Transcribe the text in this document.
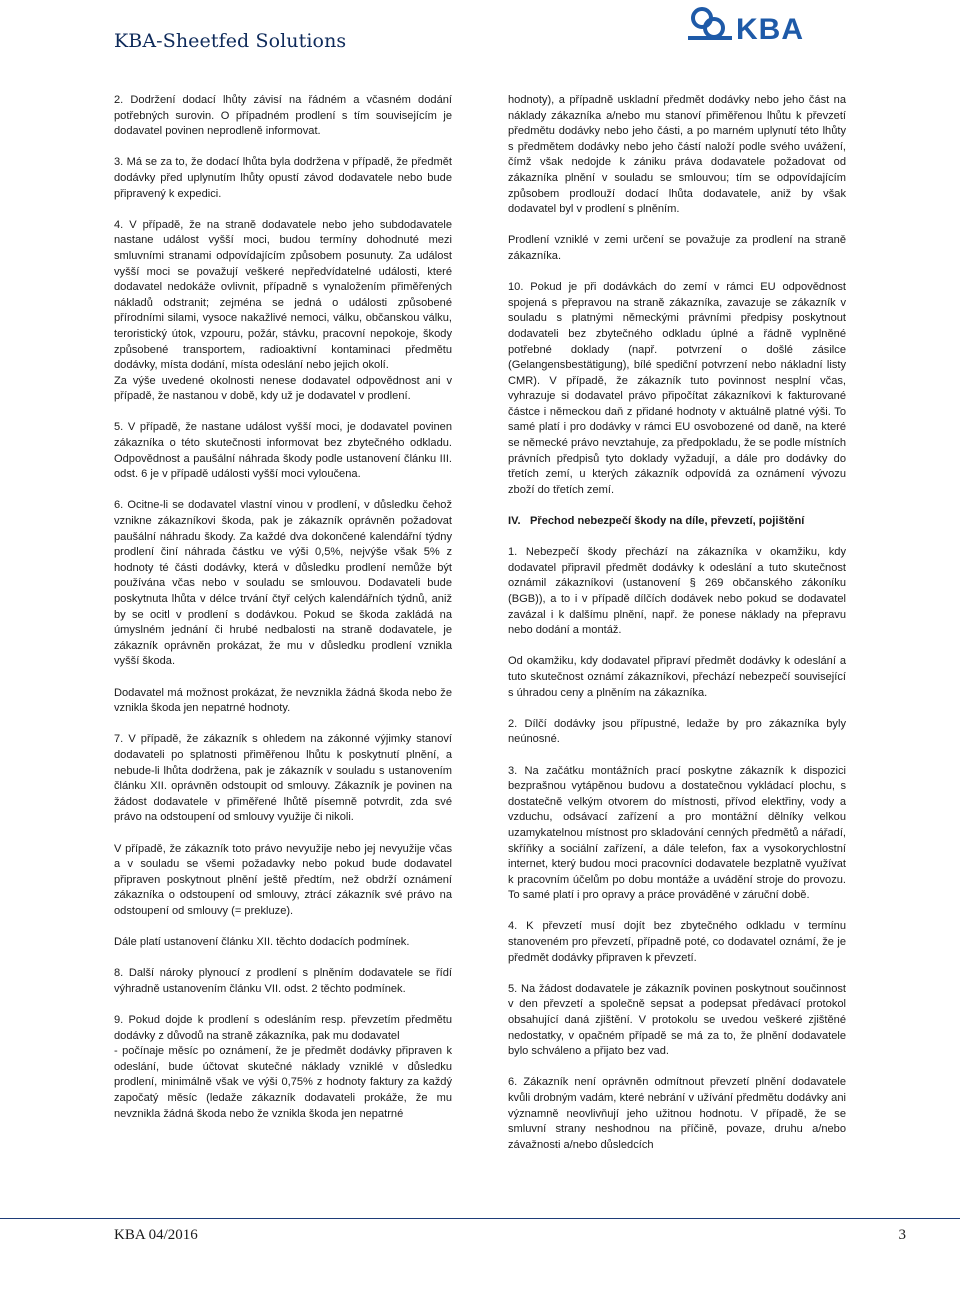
KBA-Sheetfed Solutions	KBA

2. Dodržení dodací lhůty závisí na řádném a včasném dodání potřebných surovin. O případném prodlení s tím souvisejícím je dodavatel povinen neprodleně informovat.

3. Má se za to, že dodací lhůta byla dodržena v případě, že předmět dodávky před uplynutím lhůty opustí závod dodavatele nebo bude připravený k expedici.

4. V případě, že na straně dodavatele nebo jeho subdodavatele nastane událost vyšší moci, budou termíny dohodnuté mezi smluvními stranami odpovídajícím způsobem posunuty. Za událost vyšší moci se považují veškeré nepředvídatelné události, které dodavatel nedokáže ovlivnit, případně s vynaložením přiměřených nákladů odstranit; zejména se jedná o události způsobené přírodními silami, vysoce nakažlivé nemoci, válku, občanskou válku, teroristický útok, vzpouru, požár, stávku, pracovní nepokoje, škody způsobené transportem, radioaktivní kontaminaci předmětu dodávky, místa dodání, místa odeslání nebo jejich okolí.

Za výše uvedené okolnosti nenese dodavatel odpovědnost ani v případě, že nastanou v době, kdy už je dodavatel v prodlení.

5. V případě, že nastane událost vyšší moci, je dodavatel povinen zákazníka o této skutečnosti informovat bez zbytečného odkladu. Odpovědnost a paušální náhrada škody podle ustanovení článku III. odst. 6 je v případě události vyšší moci vyloučena.

6. Ocitne-li se dodavatel vlastní vinou v prodlení, v důsledku čehož vznikne zákazníkovi škoda, pak je zákazník oprávněn požadovat paušální náhradu škody. Za každé dva dokončené kalendářní týdny prodlení činí náhrada částku ve výši 0,5%, nejvýše však 5% z hodnoty té části dodávky, která v důsledku prodlení nemůže být používána včas nebo v souladu se smlouvou. Dodavateli bude poskytnuta lhůta v délce trvání čtyř celých kalendářních týdnů, aniž by se ocitl v prodlení s dodávkou. Pokud se škoda zakládá na úmyslném jednání či hrubé nedbalosti na straně dodavatele, je zákazník oprávněn prokázat, že mu v důsledku prodlení vznikla vyšší škoda.

Dodavatel má možnost prokázat, že nevznikla žádná škoda nebo že vznikla škoda jen nepatrné hodnoty.

7. V případě, že zákazník s ohledem na zákonné výjimky stanoví dodavateli po splatnosti přiměřenou lhůtu k poskytnutí plnění, a nebude-li lhůta dodržena, pak je zákazník v souladu s ustanovením článku XII. oprávněn odstoupit od smlouvy. Zákazník je povinen na žádost dodavatele v přiměřené lhůtě písemně potvrdit, zda své právo na odstoupení od smlouvy využije či nikoli.

V případě, že zákazník toto právo nevyužije nebo jej nevyužije včas a v souladu se všemi požadavky nebo pokud bude dodavatel připraven poskytnout plnění ještě předtím, než obdrží oznámení zákazníka o odstoupení od smlouvy, ztrácí zákazník své právo na odstoupení od smlouvy (= prekluze).

Dále platí ustanovení článku XII. těchto dodacích podmínek.

8. Další nároky plynoucí z prodlení s plněním dodavatele se řídí výhradně ustanovením článku VII. odst. 2 těchto podmínek.

9. Pokud dojde k prodlení s odesláním resp. převzetím předmětu dodávky z důvodů na straně zákazníka, pak mu dodavatel

- počínaje měsíc po oznámení, že je předmět dodávky připraven k odeslání, bude účtovat skutečné náklady vzniklé v důsledku prodlení, minimálně však ve výši 0,75% z hodnoty faktury za každý započatý měsíc (ledaže zákazník dodavateli prokáže, že mu nevznikla žádná škoda nebo že vznikla škoda jen nepatrné

hodnoty), a případně uskladní předmět dodávky nebo jeho část na náklady zákazníka a/nebo mu stanoví přiměřenou lhůtu k převzetí předmětu dodávky nebo jeho části, a po marném uplynutí této lhůty s předmětem dodávky nebo jeho částí naloží podle svého uvážení, čímž však nedojde k zániku práva dodavatele požadovat od zákazníka plnění v souladu se smlouvou; tím se odpovídajícím způsobem prodlouží dodací lhůta dodavatele, aniž by však dodavatel byl v prodlení s plněním.

Prodlení vzniklé v zemi určení se považuje za prodlení na straně zákazníka.

10. Pokud je při dodávkách do zemí v rámci EU odpovědnost spojená s přepravou na straně zákazníka, zavazuje se zákazník v souladu s platnými německými právními předpisy poskytnout dodavateli bez zbytečného odkladu úplné a řádně vyplněné potřebné doklady (např. potvrzení o došlé zásilce (Gelangensbestätigung), bílé spediční potvrzení nebo nákladní listy CMR). V případě, že zákazník tuto povinnost nesplní včas, vyhrazuje si dodavatel právo připočítat zákazníkovi k fakturované částce i německou daň z přidané hodnoty v aktuálně platné výši. To samé platí i pro dodávky v rámci EU osvobozené od daně, na které se německé právo nevztahuje, za předpokladu, že se podle místních právních předpisů tyto doklady vyžadují, a dále pro dodávky do třetích zemí, u kterých zákazník odpovídá za oznámení vývozu zboží do třetích zemí.

IV. Přechod nebezpečí škody na díle, převzetí, pojištění

1. Nebezpečí škody přechází na zákazníka v okamžiku, kdy dodavatel připravil předmět dodávky k odeslání a tuto skutečnost oznámil zákazníkovi (ustanovení § 269 občanského zákoníku (BGB)), a to i v případě dílčích dodávek nebo pokud se dodavatel zavázal i k dalšímu plnění, např. že ponese náklady na přepravu nebo dodání a montáž.

Od okamžiku, kdy dodavatel připraví předmět dodávky k odeslání a tuto skutečnost oznámí zákazníkovi, přechází nebezpečí související s úhradou ceny a plněním na zákazníka.

2. Dílčí dodávky jsou přípustné, ledaže by pro zákazníka byly neúnosné.

3. Na začátku montážních prací poskytne zákazník k dispozici bezprašnou vytápěnou budovu a dostatečnou vykládací plochu, s dostatečně velkým otvorem do místnosti, přívod elektřiny, vody a vzduchu, odsávací zařízení a pro montážní dělníky velkou uzamykatelnou místnost pro skladování cenných předmětů a nářadí, skříňky a sociální zařízení, a dále telefon, fax a vysokorychlostní internet, který budou moci pracovníci dodavatele bezplatně využívat k pracovním účelům po dobu montáže a uvádění stroje do provozu. To samé platí i pro opravy a práce prováděné v záruční době.

4. K převzetí musí dojít bez zbytečného odkladu v termínu stanoveném pro převzetí, případně poté, co dodavatel oznámí, že je předmět dodávky připraven k převzetí.

5. Na žádost dodavatele je zákazník povinen poskytnout součinnost v den převzetí a společně sepsat a podepsat předávací protokol obsahující daná zjištění. V protokolu se uvedou veškeré zjištěné nedostatky, v opačném případě se má za to, že plnění dodavatele bylo schváleno a přijato bez vad.

6. Zákazník není oprávněn odmítnout převzetí plnění dodavatele kvůli drobným vadám, které nebrání v užívání předmětu dodávky ani významně neovlivňují jeho užitnou hodnotu. V případě, že se smluvní strany neshodnou na příčině, povaze, druhu a/nebo závažnosti a/nebo důsledcích

KBA 04/2016	3
